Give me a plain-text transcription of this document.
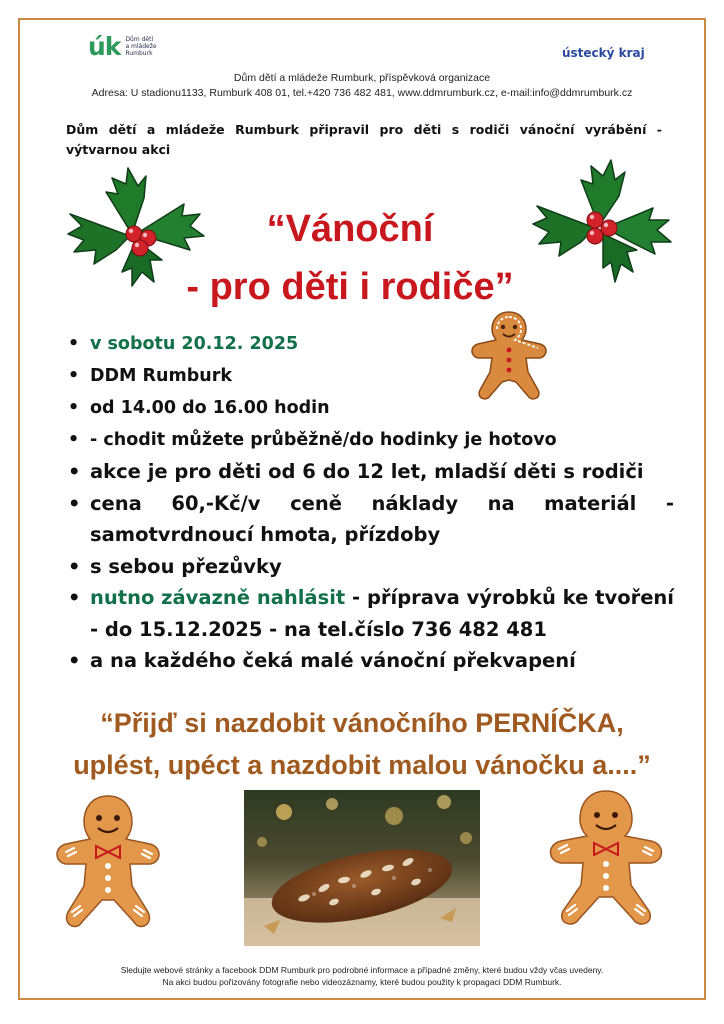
úk Dům dětí
a mládeže
Rumburk	ústecký kraj
Dům dětí a mládeže Rumburk, příspěvková organizace
Adresa: U stadionu1133, Rumburk 408 01, tel.+420 736 482 481, www.ddmrumburk.cz, e-mail:info@ddmrumburk.cz
Dům dětí a mládeže Rumburk připravil pro děti s rodiči vánoční vyrábění - výtvarnou akci
“Vánoční
- pro děti i rodiče”
• v sobotu 20.12. 2025
• DDM Rumburk
• od 14.00 do 16.00 hodin
• - chodit můžete průběžně/do hodinky je hotovo
• akce je pro děti od 6 do 12 let, mladší děti s rodiči
• cena 60,-Kč/v ceně náklady na materiál - samotvrdnoucí hmota, přízdoby
• s sebou přezůvky
• nutno závazně nahlásit - příprava výrobků ke tvoření - do 15.12.2025 - na tel.číslo 736 482 481
• a na každého čeká malé vánoční překvapení
“Přijď si nazdobit vánočního PERNÍČKA,
uplést, upéct a nazdobit malou vánočku a....”
Sledujte webové stránky a facebook DDM Rumburk pro podrobné informace a případné změny, které budou vždy včas uvedeny.
Na akci budou pořizovány fotografie nebo videozáznamy, které budou použity k propagaci DDM Rumburk.
